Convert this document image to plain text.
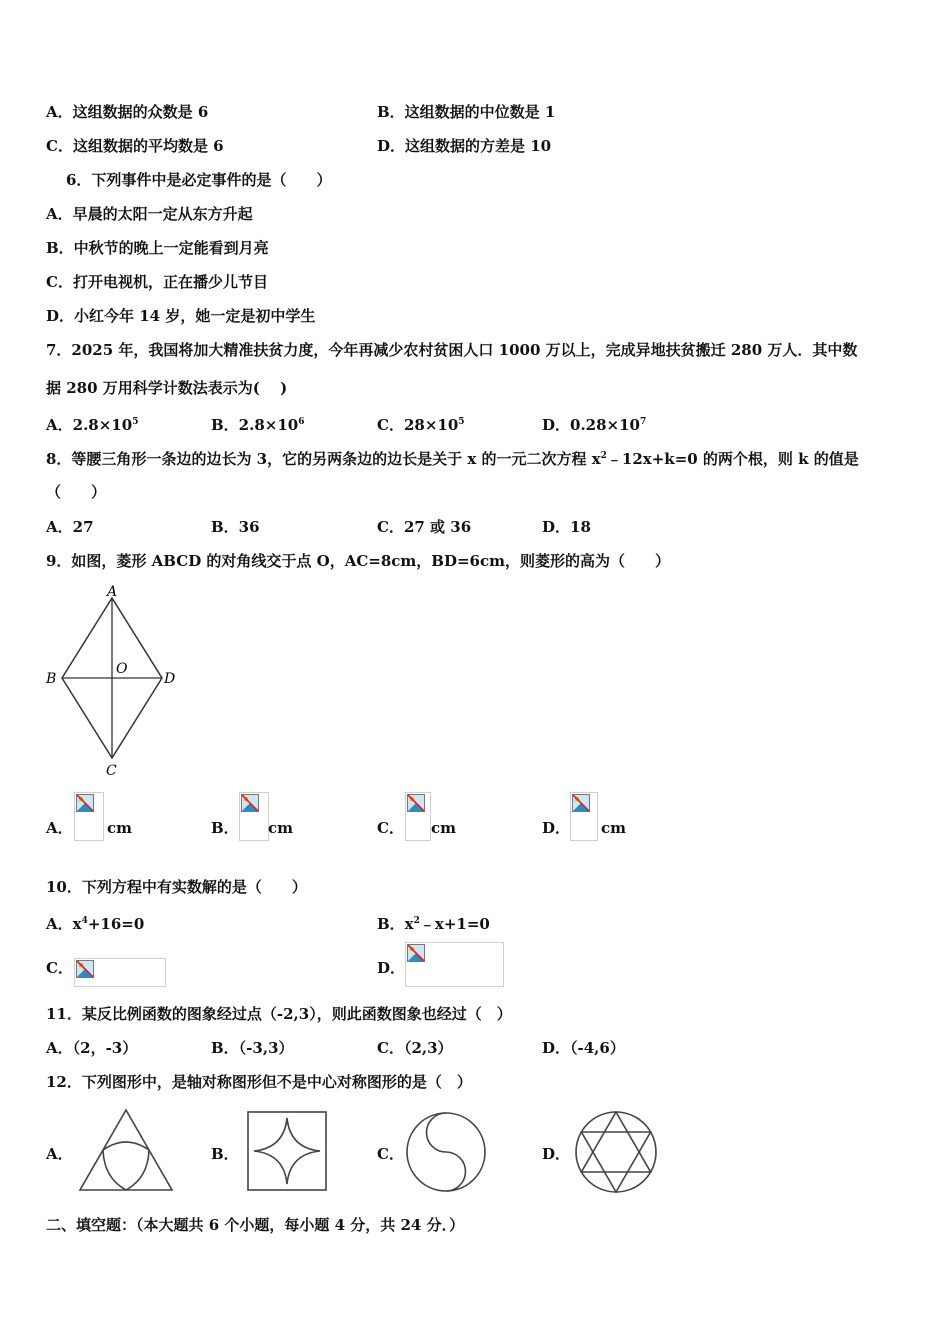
A．这组数据的众数是 6	B．这组数据的中位数是 1
C．这组数据的平均数是 6	D．这组数据的方差是 10
6．下列事件中是必定事件的是（　　）
A．早晨的太阳一定从东方升起
B．中秋节的晚上一定能看到月亮
C．打开电视机，正在播少儿节目
D．小红今年 14 岁，她一定是初中学生
7．2025 年，我国将加大精准扶贫力度，今年再减少农村贫困人口 1000 万以上，完成异地扶贫搬迁 280 万人．其中数
据 280 万用科学计数法表示为(　 )
A．$2.8\times 10^5$	B．$2.8\times 10^6$	C．$28\times 10^5$	D．$0.28\times 10^7$
8．等腰三角形一条边的边长为 3，它的另两条边的边长是关于 x 的一元二次方程 $x^2﹣12x+k=0$ 的两个根，则 k 的值是
（　　）
A．27	B．36	C．27 或 36	D．18
9．如图，菱形 ABCD 的对角线交于点 O，AC=8cm，BD=6cm，则菱形的高为（　　）
A
B	D
C
O
A． cm	B． cm	C． cm	D． cm
10．下列方程中有实数解的是（　　）
A．$x^4+16=0$	B．$x^2﹣x+1=0$
C．	D．
11．某反比例函数的图象经过点（-2,3），则此函数图象也经过（　）
A．（2，-3）	B．（-3,3）	C．（2,3）	D．（-4,6）
12．下列图形中，是轴对称图形但不是中心对称图形的是（　）
A．	B．	C．	D．
二、填空题：（本大题共 6 个小题，每小题 4 分，共 24 分．）
